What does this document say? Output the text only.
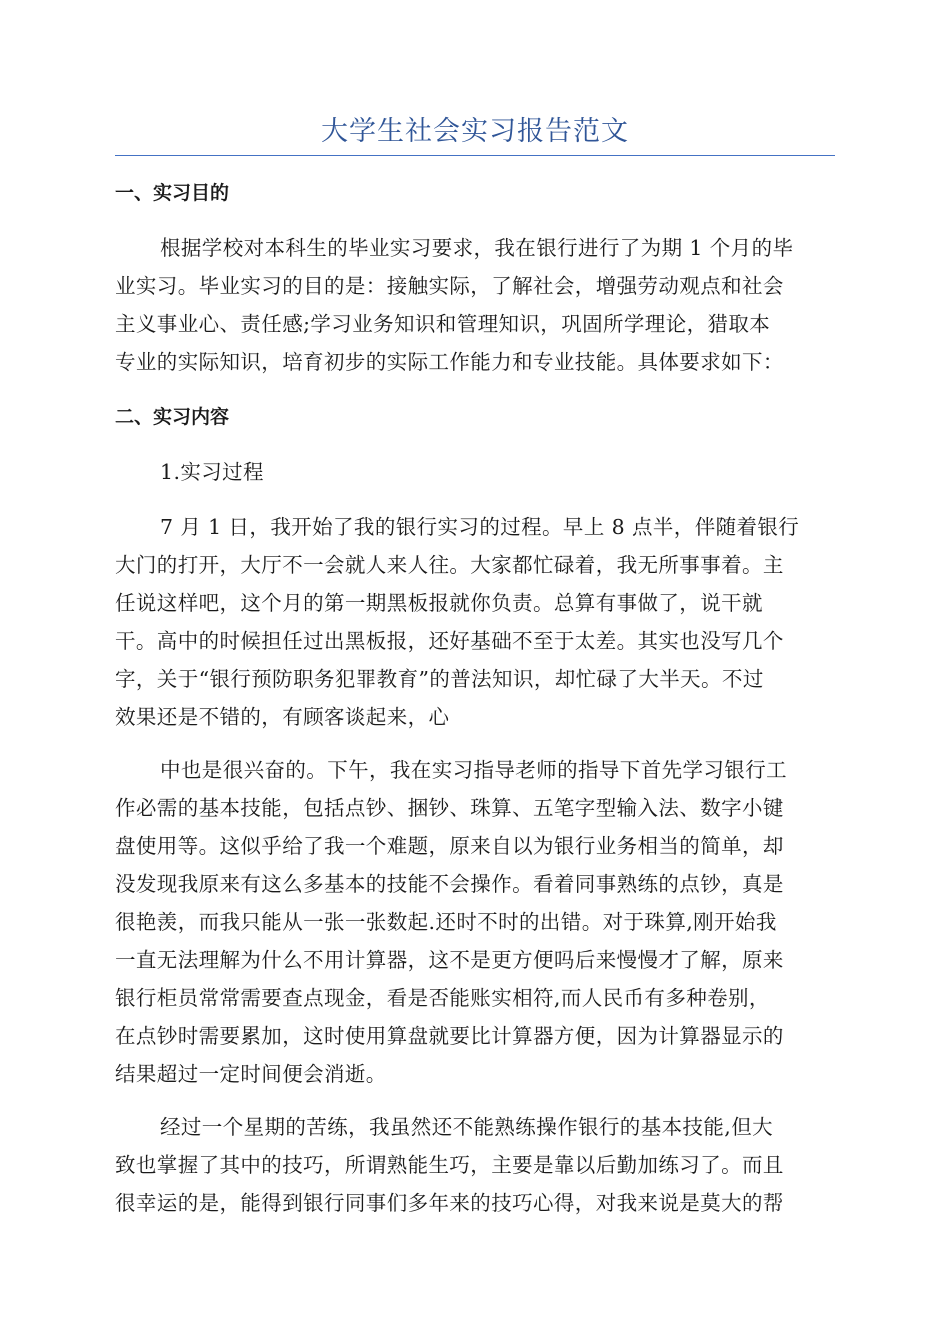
大学生社会实习报告范文
一、实习目的
根据学校对本科生的毕业实习要求，我在银行进行了为期 1 个月的毕
业实习。毕业实习的目的是：接触实际，了解社会，增强劳动观点和社会
主义事业心、责任感;学习业务知识和管理知识，巩固所学理论，猎取本
专业的实际知识，培育初步的实际工作能力和专业技能。具体要求如下：
二、实习内容
1.实习过程
7 月 1 日，我开始了我的银行实习的过程。早上 8 点半，伴随着银行
大门的打开，大厅不一会就人来人往。大家都忙碌着，我无所事事着。主
任说这样吧，这个月的第一期黑板报就你负责。总算有事做了，说干就
干。高中的时候担任过出黑板报，还好基础不至于太差。其实也没写几个
字，关于“银行预防职务犯罪教育”的普法知识，却忙碌了大半天。不过
效果还是不错的，有顾客谈起来，心
中也是很兴奋的。下午，我在实习指导老师的指导下首先学习银行工
作必需的基本技能，包括点钞、捆钞、珠算、五笔字型输入法、数字小键
盘使用等。这似乎给了我一个难题，原来自以为银行业务相当的简单，却
没发现我原来有这么多基本的技能不会操作。看着同事熟练的点钞，真是
很艳羡，而我只能从一张一张数起.还时不时的出错。对于珠算,刚开始我
一直无法理解为什么不用计算器，这不是更方便吗后来慢慢才了解，原来
银行柜员常常需要查点现金，看是否能账实相符,而人民币有多种卷别，
在点钞时需要累加，这时使用算盘就要比计算器方便，因为计算器显示的
结果超过一定时间便会消逝。
经过一个星期的苦练，我虽然还不能熟练操作银行的基本技能,但大
致也掌握了其中的技巧，所谓熟能生巧，主要是靠以后勤加练习了。而且
很幸运的是，能得到银行同事们多年来的技巧心得，对我来说是莫大的帮
